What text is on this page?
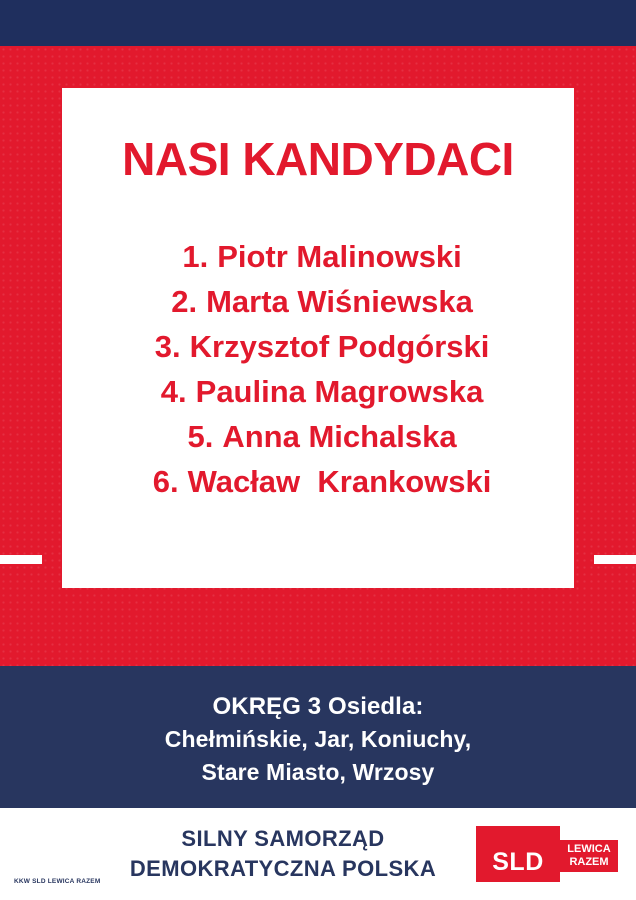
NASI KANDYDACI
1. Piotr Malinowski
2. Marta Wiśniewska
3. Krzysztof Podgórski
4. Paulina Magrowska
5. Anna Michalska
6. Wacław  Krankowski
OKRĘG 3 Osiedla:
Chełmińskie, Jar, Koniuchy,
Stare Miasto, Wrzosy
SILNY SAMORZĄD
DEMOKRATYCZNA POLSKA
KKW SLD LEWICA RAZEM
SLD	LEWICA
RAZEM
